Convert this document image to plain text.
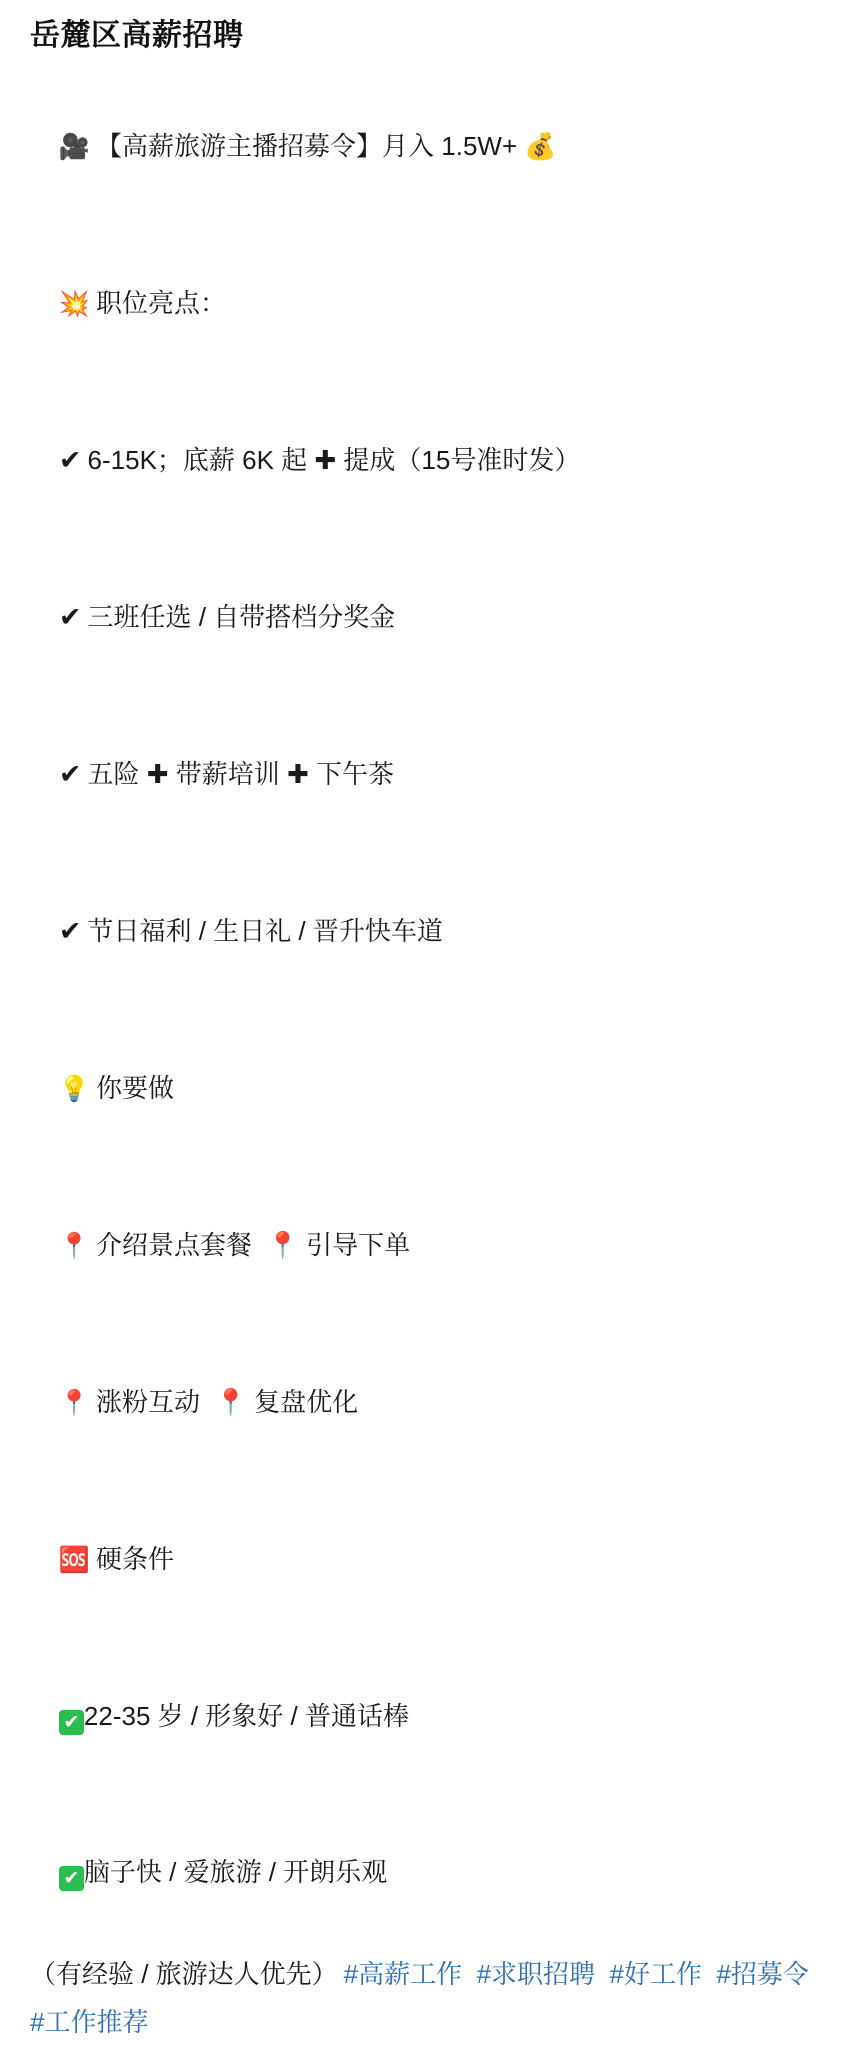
岳麓区高薪招聘

🎥 【高薪旅游主播招募令】月入 1.5W+ 💰

💥 职位亮点：

✔ 6-15K；底薪 6K 起 ✚ 提成（15号准时发）

✔ 三班任选 / 自带搭档分奖金

✔ 五险 ✚ 带薪培训 ✚ 下午茶

✔ 节日福利 / 生日礼 / 晋升快车道

💡 你要做

📍 介绍景点套餐  📍 引导下单

📍 涨粉互动  📍 复盘优化

🆘 硬条件

✔ 22-35 岁 / 形象好 / 普通话棒

✔ 脑子快 / 爱旅游 / 开朗乐观

（有经验 / 旅游达人优先） #高薪工作 #求职招聘 #好工作 #招募令  #工作推荐
